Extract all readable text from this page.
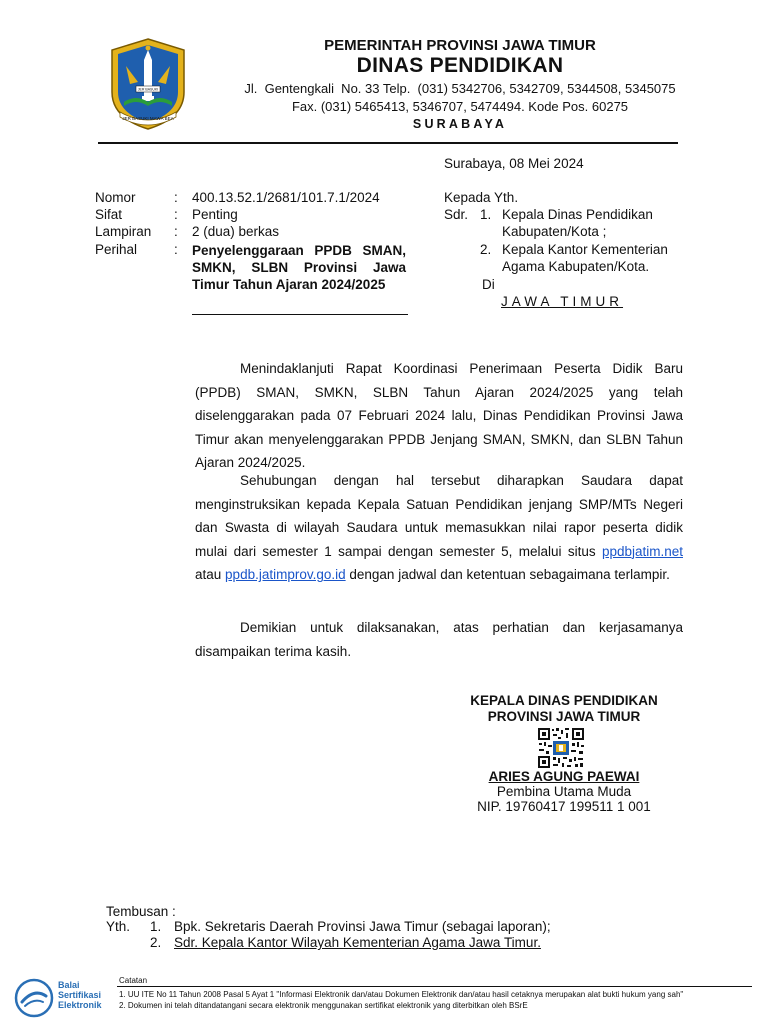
JER BASUKI MAWA BEA
JER BASUKI
PEMERINTAH PROVINSI JAWA TIMUR
DINAS PENDIDIKAN
Jl.  Gentengkali  No. 33 Telp.  (031) 5342706, 5342709, 5344508, 5345075
Fax. (031) 5465413, 5346707, 5474494. Kode Pos. 60275
SURABAYA
Surabaya, 08 Mei 2024
Nomor	: 400.13.52.1/2681/101.7.1/2024
Sifat	: Penting
Lampiran : 2 (dua) berkas
Perihal	: Penyelenggaraan PPDB SMAN, SMKN, SLBN Provinsi Jawa Timur Tahun Ajaran 2024/2025
Kepada Yth.
Sdr. 1. Kepala Dinas Pendidikan
Kabupaten/Kota ;
2. Kepala Kantor Kementerian
Agama Kabupaten/Kota.
Di
JAWA TIMUR
Menindaklanjuti Rapat Koordinasi Penerimaan Peserta Didik Baru (PPDB) SMAN, SMKN, SLBN Tahun Ajaran 2024/2025 yang telah diselenggarakan pada 07 Februari 2024 lalu, Dinas Pendidikan Provinsi Jawa Timur akan menyelenggarakan PPDB Jenjang SMAN, SMKN, dan SLBN Tahun Ajaran 2024/2025.
Sehubungan dengan hal tersebut diharapkan Saudara dapat menginstruksikan kepada Kepala Satuan Pendidikan jenjang SMP/MTs Negeri dan Swasta di wilayah Saudara untuk memasukkan nilai rapor peserta didik mulai dari semester 1 sampai dengan semester 5, melalui situs ppdbjatim.net atau ppdb.jatimprov.go.id dengan jadwal dan ketentuan sebagaimana terlampir.
Demikian untuk dilaksanakan, atas perhatian dan kerjasamanya disampaikan terima kasih.
KEPALA DINAS PENDIDIKAN
PROVINSI JAWA TIMUR
ARIES AGUNG PAEWAI
Pembina Utama Muda
NIP. 19760417 199511 1 001
Tembusan :
Yth. 1. Bpk. Sekretaris Daerah Provinsi Jawa Timur (sebagai laporan);
2. Sdr. Kepala Kantor Wilayah Kementerian Agama Jawa Timur.
Balai
Sertifikasi
Elektronik
Catatan
1. UU ITE No 11 Tahun 2008 Pasal 5 Ayat 1 "Informasi Elektronik dan/atau Dokumen Elektronik dan/atau hasil cetaknya merupakan alat bukti hukum yang sah"
2. Dokumen ini telah ditandatangani secara elektronik menggunakan sertifikat elektronik yang diterbitkan oleh BSrE
